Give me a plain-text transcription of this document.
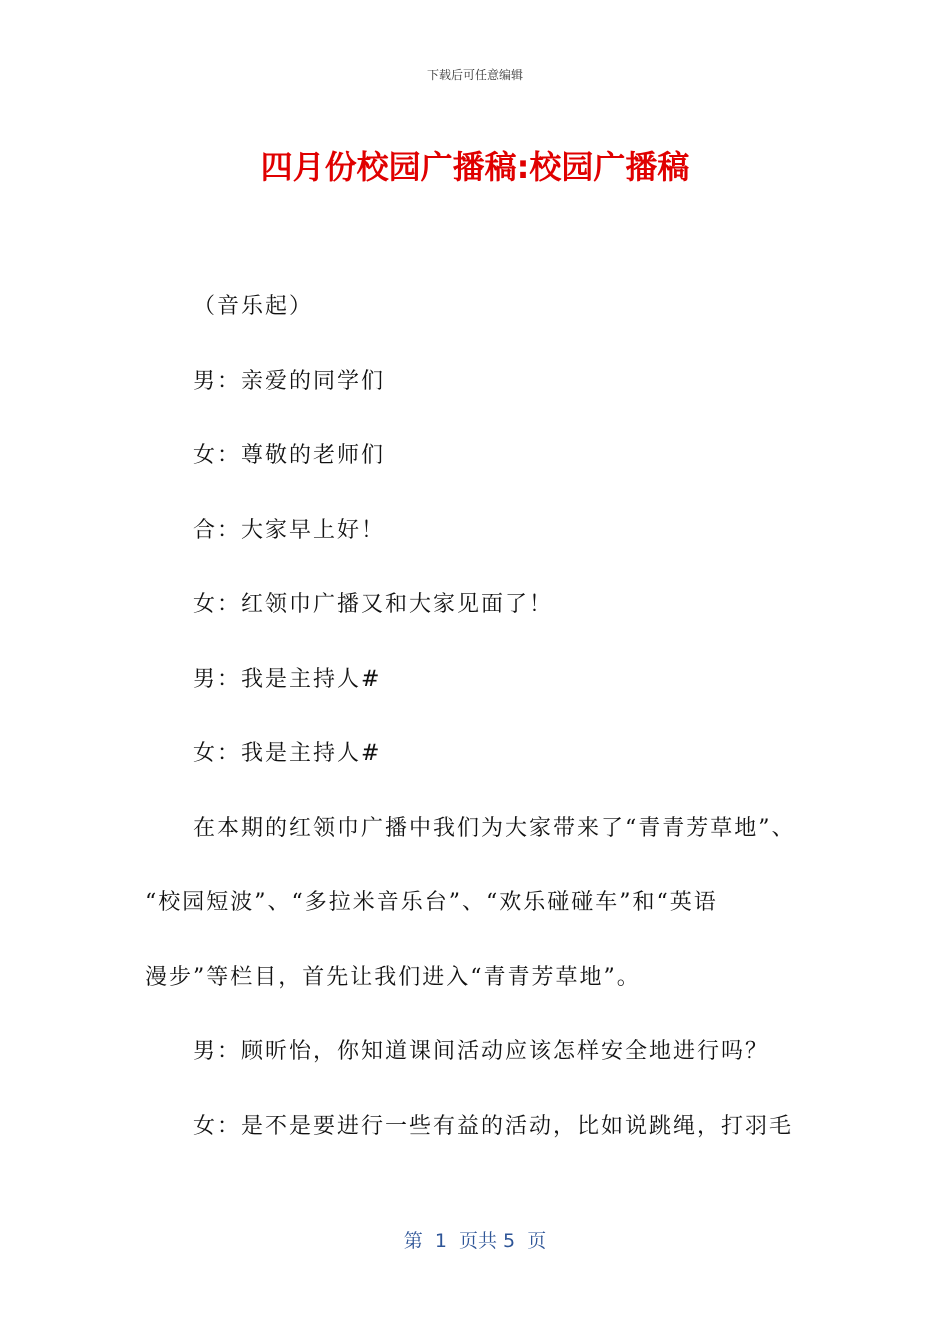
下载后可任意编辑
四月份校园广播稿:校园广播稿

（音乐起）

男：亲爱的同学们

女：尊敬的老师们

合：大家早上好！

女：红领巾广播又和大家见面了！

男：我是主持人#

女：我是主持人#

在本期的红领巾广播中我们为大家带来了“青青芳草地”、

“校园短波”、“多拉米音乐台”、“欢乐碰碰车”和“英语

漫步”等栏目，首先让我们进入“青青芳草地”。

男：顾昕怡，你知道课间活动应该怎样安全地进行吗？

女：是不是要进行一些有益的活动，比如说跳绳，打羽毛

第  1  页共 5  页
